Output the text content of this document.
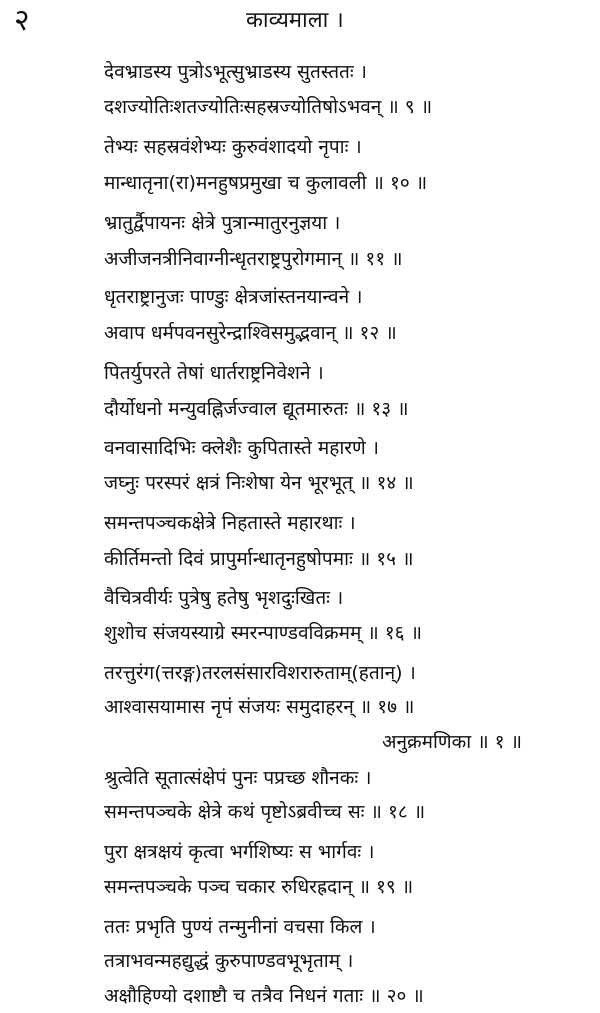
२	काव्यमाला ।
देवभ्राडस्य पुत्रोऽभूत्सुभ्राडस्य सुतस्ततः ।
दशज्योतिःशतज्योतिःसहस्रज्योतिषोऽभवन् ॥ ९ ॥
तेभ्यः सहस्रवंशेभ्यः कुरुवंशादयो नृपाः ।
मान्धातृना(रा)मनहुषप्रमुखा च कुलावली ॥ १० ॥
भ्रातुर्द्वैपायनः क्षेत्रे पुत्रान्मातुरनुज्ञया ।
अजीजनत्रीनिवाग्नीन्धृतराष्ट्रपुरोगमान् ॥ ११ ॥
धृतराष्ट्रानुजः पाण्डुः क्षेत्रजांस्तनयान्वने ।
अवाप धर्मपवनसुरेन्द्राश्विसमुद्भवान् ॥ १२ ॥
पितर्युपरते तेषां धार्तराष्ट्रनिवेशने ।
दौर्योधनो मन्युवह्निर्जज्वाल द्यूतमारुतः ॥ १३ ॥
वनवासादिभिः क्लेशैः कुपितास्ते महारणे ।
जघ्नुः परस्परं क्षत्रं निःशेषा येन भूरभूत् ॥ १४ ॥
समन्तपञ्चकक्षेत्रे निहतास्ते महारथाः ।
कीर्तिमन्तो दिवं प्रापुर्मान्धातृनहुषोपमाः ॥ १५ ॥
वैचित्रवीर्यः पुत्रेषु हतेषु भृशदुःखितः ।
शुशोच संजयस्याग्रे स्मरन्पाण्डवविक्रमम् ॥ १६ ॥
तरत्तुरंग(त्तरङ्ग)तरलसंसारविशरारुताम्(हतान्) ।
आश्वासयामास नृपं संजयः समुदाहरन् ॥ १७ ॥
अनुक्रमणिका ॥ १ ॥
श्रुत्वेति सूतात्संक्षेपं पुनः पप्रच्छ शौनकः ।
समन्तपञ्चके क्षेत्रे कथं पृष्टोऽब्रवीच्च सः ॥ १८ ॥
पुरा क्षत्रक्षयं कृत्वा भर्गशिष्यः स भार्गवः ।
समन्तपञ्चके पञ्च चकार रुधिरह्रदान् ॥ १९ ॥
ततः प्रभृति पुण्यं तन्मुनीनां वचसा किल ।
तत्राभवन्महद्युद्धं कुरुपाण्डवभूभृताम् ।
अक्षौहिण्यो दशाष्टौ च तत्रैव निधनं गताः ॥ २० ॥
